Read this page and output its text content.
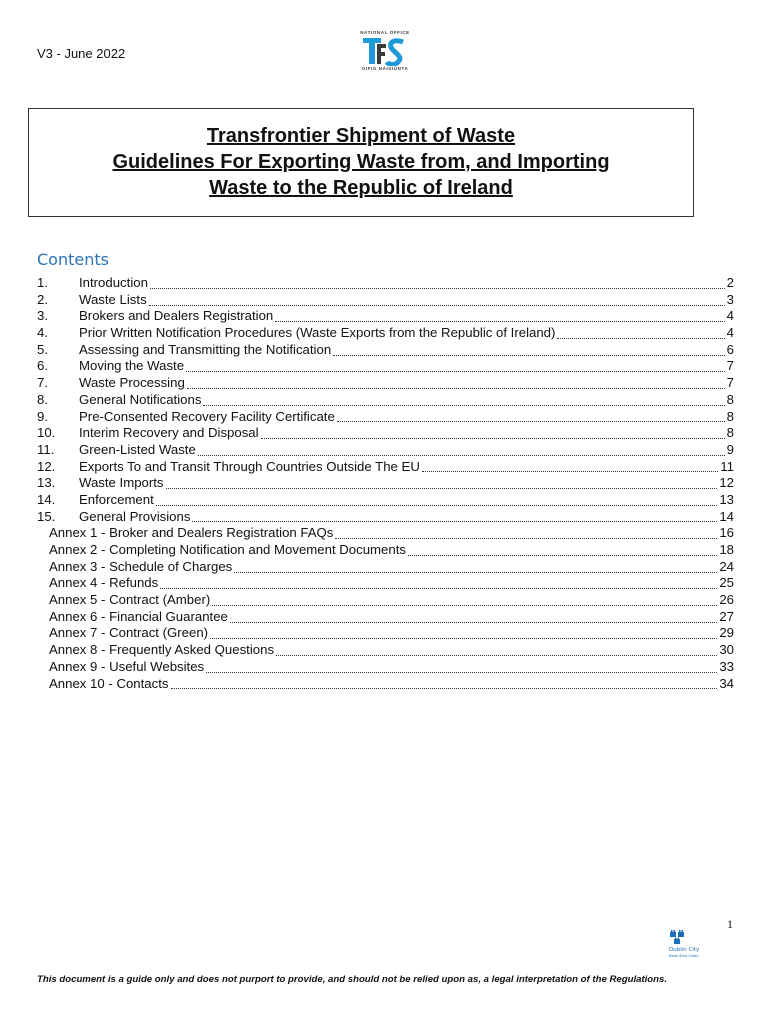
V3 - June 2022
NATIONAL OFFICE
OIFIG NÁISIÚNTA
Transfrontier Shipment of Waste
Guidelines For Exporting Waste from, and Importing
Waste to the Republic of Ireland
Contents
1.	Introduction	2
2.	Waste Lists	3
3.	Brokers and Dealers Registration	4
4.	Prior Written Notification Procedures (Waste Exports from the Republic of Ireland)	4
5.	Assessing and Transmitting the Notification	6
6.	Moving the Waste	7
7.	Waste Processing	7
8.	General Notifications	8
9.	Pre-Consented Recovery Facility Certificate	8
10.	Interim Recovery and Disposal	8
11.	Green-Listed Waste	9
12.	Exports To and Transit Through Countries Outside The EU	11
13.	Waste Imports	12
14.	Enforcement	13
15.	General Provisions	14
Annex 1 - Broker and Dealers Registration FAQs	16
Annex 2 - Completing Notification and Movement Documents	18
Annex 3 - Schedule of Charges	24
Annex 4 - Refunds	25
Annex 5 - Contract (Amber)	26
Annex 6 - Financial Guarantee	27
Annex 7 - Contract (Green)	29
Annex 8 - Frequently Asked Questions	30
Annex 9 - Useful Websites	33
Annex 10 - Contacts	34
1
Dublin City
Baile Átha Cliath
This document is a guide only and does not purport to provide, and should not be relied upon as, a legal interpretation of the Regulations.
